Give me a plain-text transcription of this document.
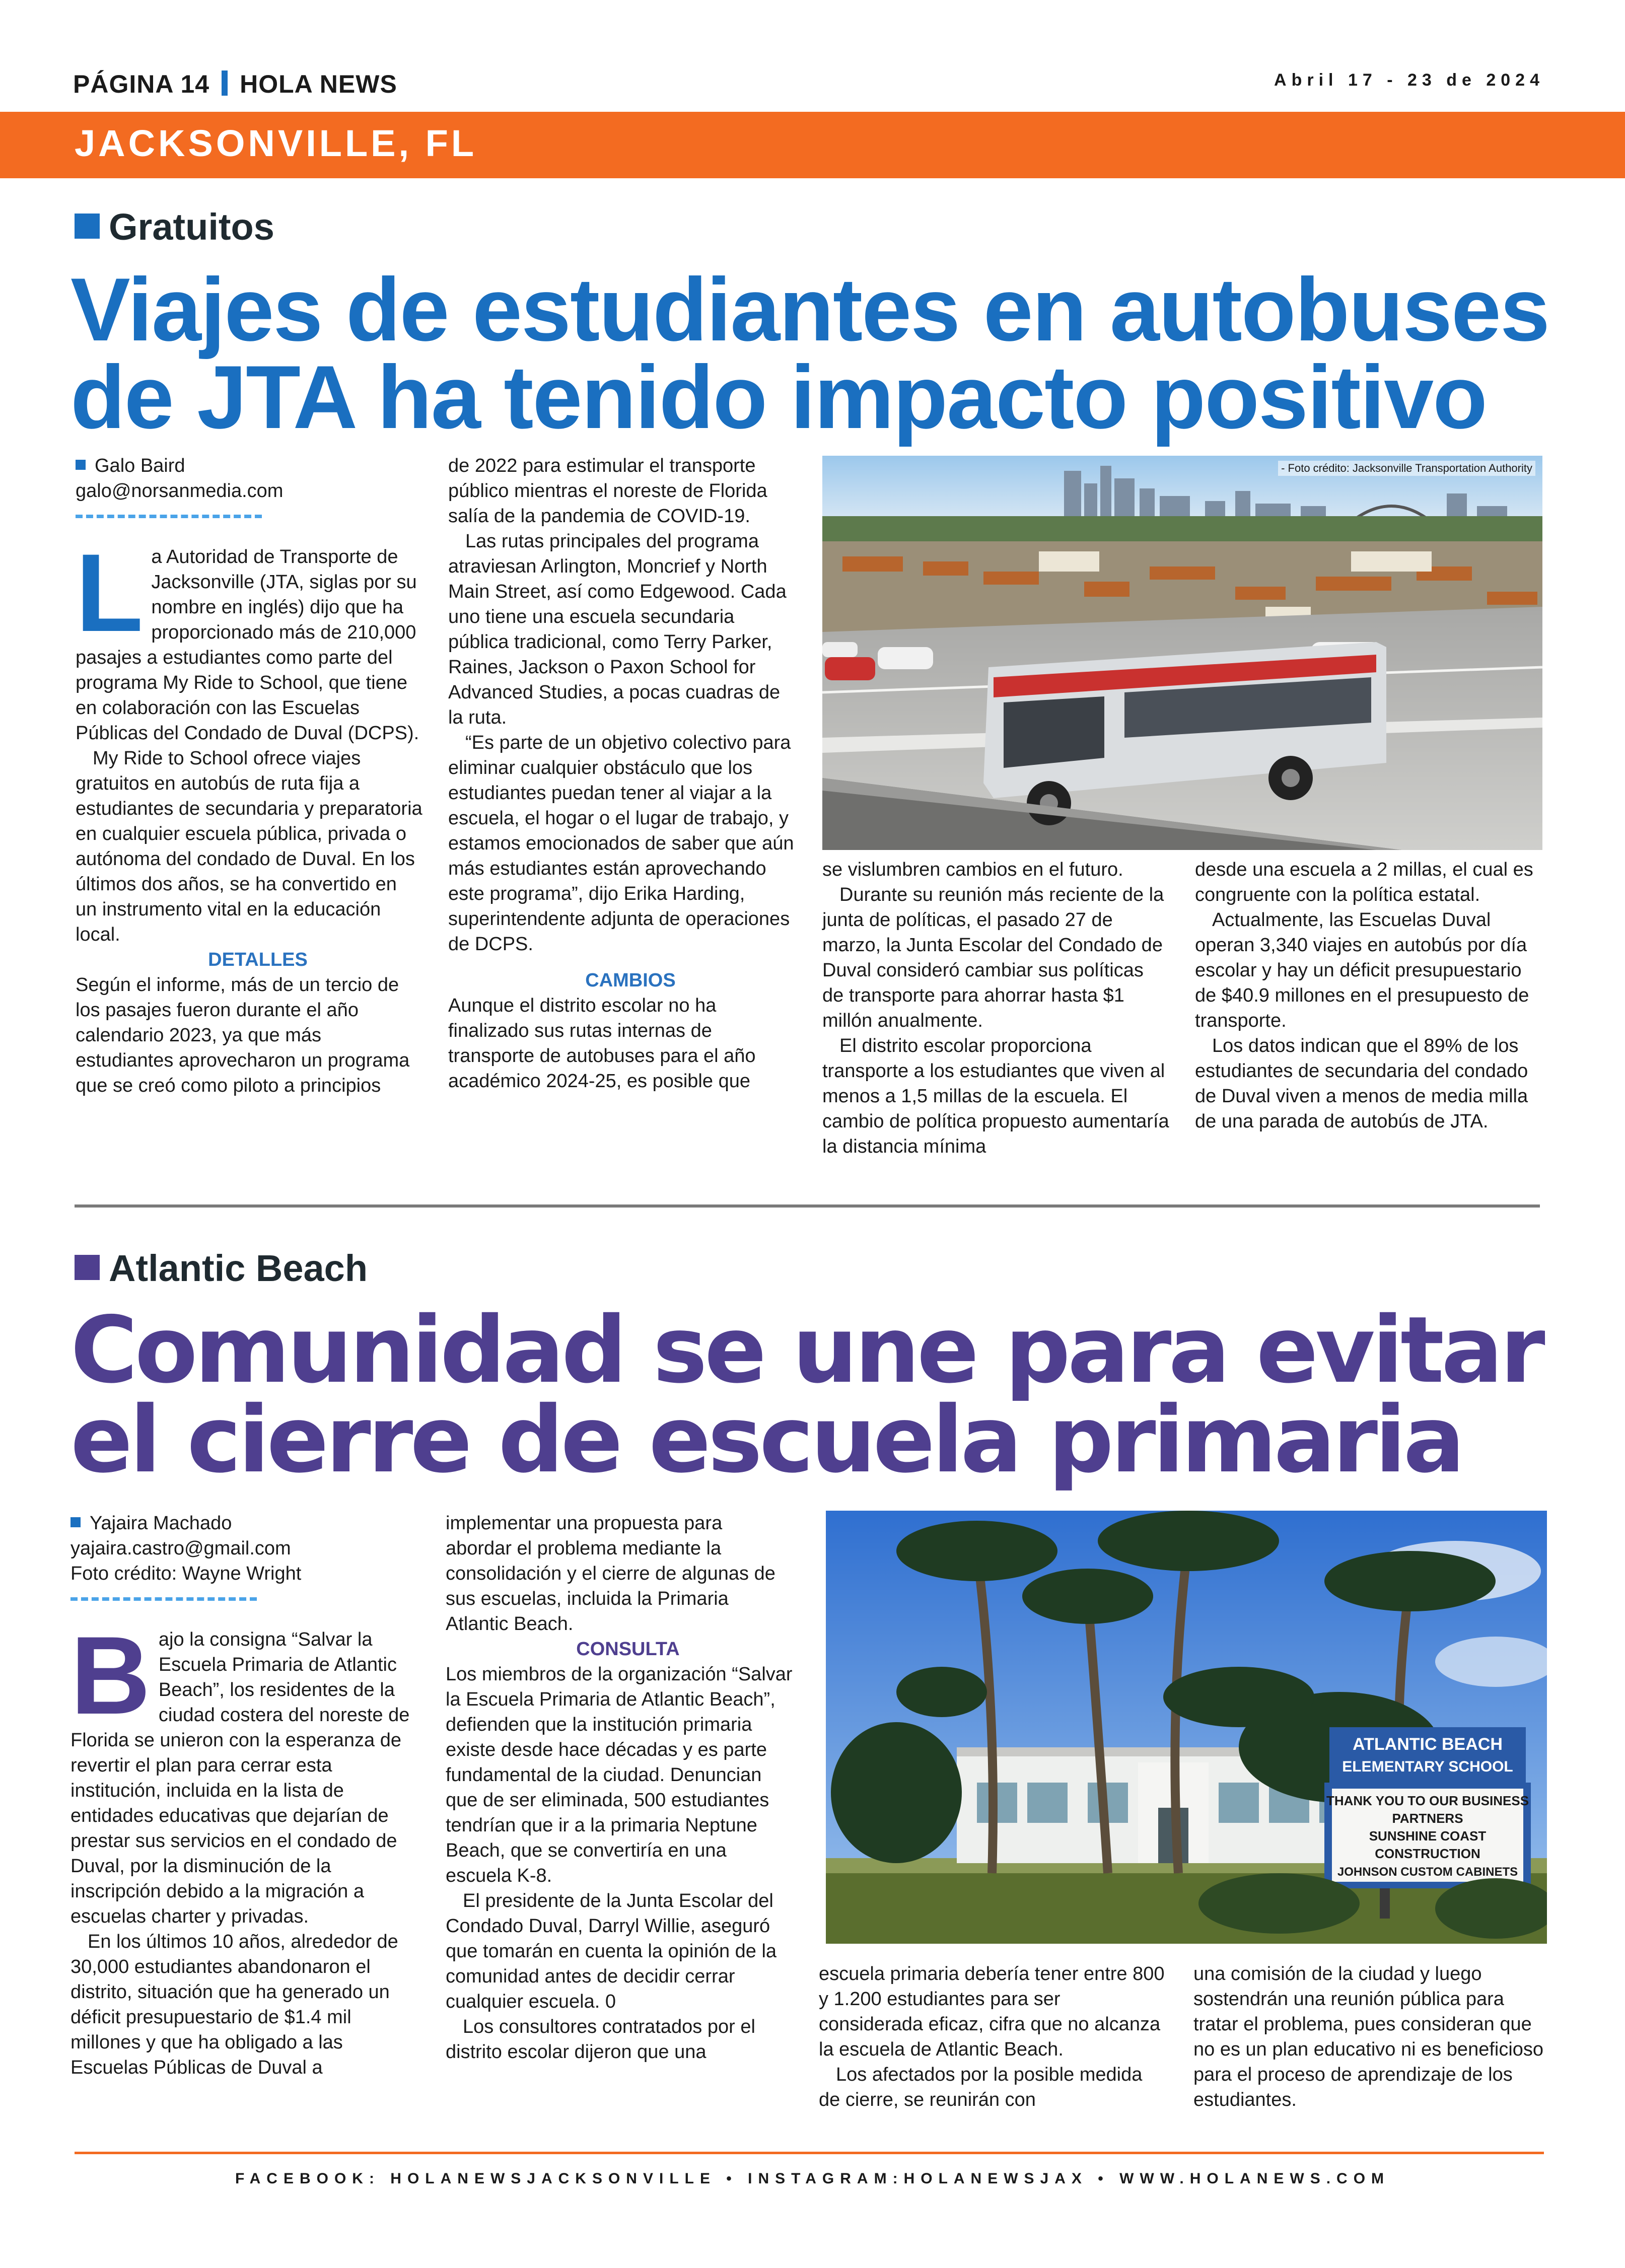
PÁGINA 14 HOLA NEWS	Abril 17 - 23 de 2024
JACKSONVILLE, FL
Gratuitos

Viajes de estudiantes en autobuses

de JTA ha tenido impacto positivo

Galo Baird
galo@norsanmedia.com

La Autoridad de Transporte de Jacksonville (JTA, siglas por su nombre en inglés) dijo que ha proporcionado más de 210,000 pasajes a estudiantes como parte del programa My Ride to School, que tiene en colaboración con las Escuelas Públicas del Condado de Duval (DCPS).

My Ride to School ofrece viajes gratuitos en autobús de ruta fija a estudiantes de secundaria y preparatoria en cualquier escuela pública, privada o autónoma del condado de Duval. En los últimos dos años, se ha convertido en un instrumento vital en la educación local.

DETALLES

Según el informe, más de un tercio de los pasajes fueron durante el año calendario 2023, ya que más estudiantes aprovecharon un programa que se creó como piloto a principios

de 2022 para estimular el transporte público mientras el noreste de Florida salía de la pandemia de COVID-19.

Las rutas principales del programa atraviesan Arlington, Moncrief y North Main Street, así como Edgewood. Cada uno tiene una escuela secundaria pública tradicional, como Terry Parker, Raines, Jackson o Paxon School for Advanced Studies, a pocas cuadras de la ruta.

“Es parte de un objetivo colectivo para eliminar cualquier obstáculo que los estudiantes puedan tener al viajar a la escuela, el hogar o el lugar de trabajo, y estamos emocionados de saber que aún más estudiantes están aprovechando este programa”, dijo Erika Harding, superintendente adjunta de operaciones de DCPS.

CAMBIOS

Aunque el distrito escolar no ha finalizado sus rutas internas de transporte de autobuses para el año académico 2024-25, es posible que

- Foto crédito: Jacksonville Transportation Authority

se vislumbren cambios en el futuro.

Durante su reunión más reciente de la junta de políticas, el pasado 27 de marzo, la Junta Escolar del Condado de Duval consideró cambiar sus políticas de transporte para ahorrar hasta $1 millón anualmente.

El distrito escolar proporciona transporte a los estudiantes que viven al menos a 1,5 millas de la escuela. El cambio de política propuesto aumentaría la distancia mínima

desde una escuela a 2 millas, el cual es congruente con la política estatal.

Actualmente, las Escuelas Duval operan 3,340 viajes en autobús por día escolar y hay un déficit presupuestario de $40.9 millones en el presupuesto de transporte.

Los datos indican que el 89% de los estudiantes de secundaria del condado de Duval viven a menos de media milla de una parada de autobús de JTA.

Atlantic Beach

Comunidad se une para evitar

el cierre de escuela primaria

Yajaira Machado
yajaira.castro@gmail.com
Foto crédito: Wayne Wright

Bajo la consigna “Salvar la Escuela Primaria de Atlantic Beach”, los residentes de la ciudad costera del noreste de Florida se unieron con la esperanza de revertir el plan para cerrar esta institución, incluida en la lista de entidades educativas que dejarían de prestar sus servicios en el condado de Duval, por la disminución de la inscripción debido a la migración a escuelas charter y privadas.

En los últimos 10 años, alrededor de 30,000 estudiantes abandonaron el distrito, situación que ha generado un déficit presupuestario de $1.4 mil millones y que ha obligado a las Escuelas Públicas de Duval a

implementar una propuesta para abordar el problema mediante la consolidación y el cierre de algunas de sus escuelas, incluida la Primaria Atlantic Beach.

CONSULTA

Los miembros de la organización “Salvar la Escuela Primaria de Atlantic Beach”, defienden que la institución primaria existe desde hace décadas y es parte fundamental de la ciudad. Denuncian que de ser eliminada, 500 estudiantes tendrían que ir a la primaria Neptune Beach, que se convertiría en una escuela K-8.

El presidente de la Junta Escolar del Condado Duval, Darryl Willie, aseguró que tomarán en cuenta la opinión de la comunidad antes de decidir cerrar cualquier escuela. 0

Los consultores contratados por el distrito escolar dijeron que una

ATLANTIC BEACH
ELEMENTARY SCHOOL
THANK YOU TO OUR BUSINESS
PARTNERS
SUNSHINE COAST
CONSTRUCTION
JOHNSON CUSTOM CABINETS

escuela primaria debería tener entre 800 y 1.200 estudiantes para ser considerada eficaz, cifra que no alcanza la escuela de Atlantic Beach.

Los afectados por la posible medida de cierre, se reunirán con

una comisión de la ciudad y luego sostendrán una reunión pública para tratar el problema, pues consideran que no es un plan educativo ni es beneficioso para el proceso de aprendizaje de los estudiantes.

FACEBOOK: HOLANEWSJACKSONVILLE • INSTAGRAM:HOLANEWSJAX • WWW.HOLANEWS.COM
